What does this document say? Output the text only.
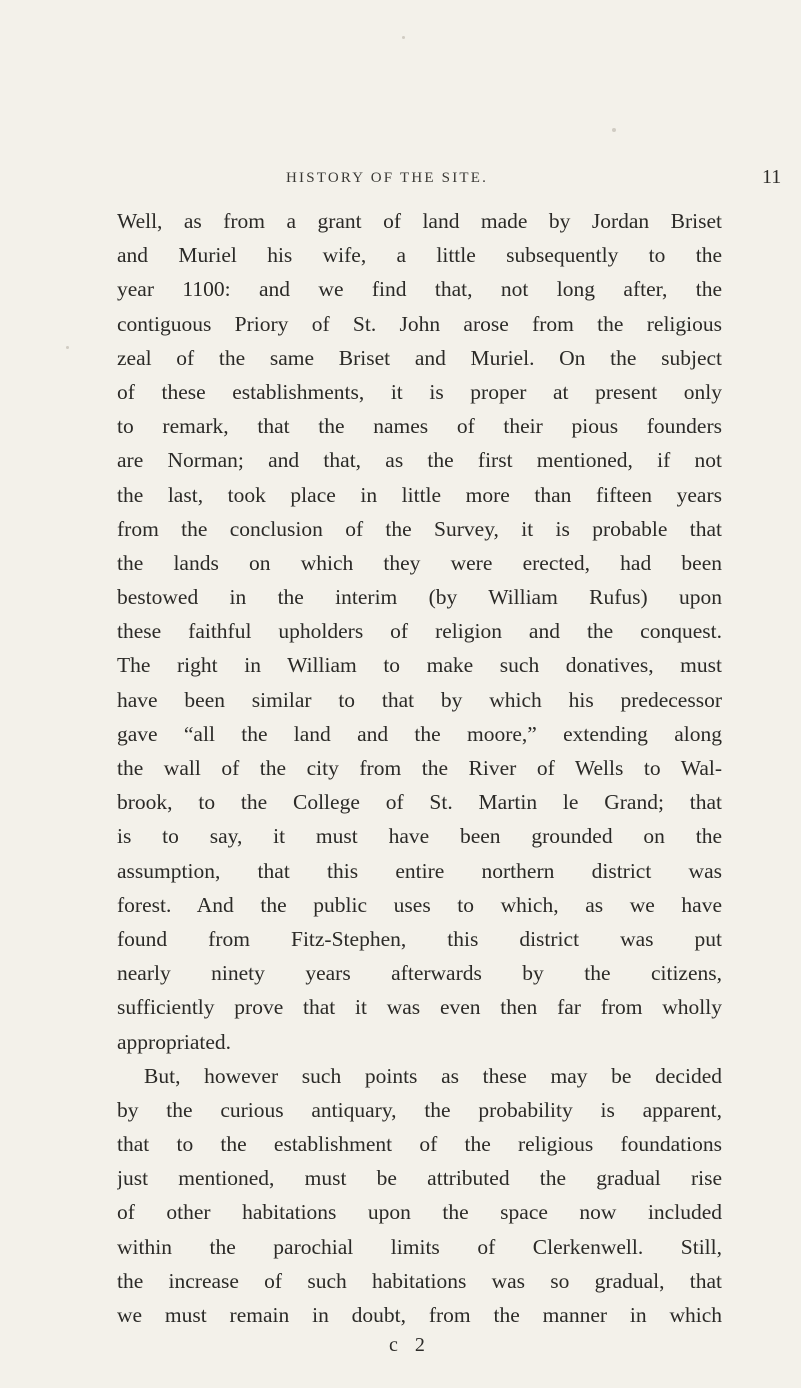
HISTORY OF THE SITE.	11
Well, as from a grant of land made by Jordan Briset
and Muriel his wife, a little subsequently to the
year 1100: and we find that, not long after, the
contiguous Priory of St. John arose from the religious
zeal of the same Briset and Muriel. On the subject
of these establishments, it is proper at present only
to remark, that the names of their pious founders
are Norman; and that, as the first mentioned, if not
the last, took place in little more than fifteen years
from the conclusion of the Survey, it is probable that
the lands on which they were erected, had been
bestowed in the interim (by William Rufus) upon
these faithful upholders of religion and the conquest.
The right in William to make such donatives, must
have been similar to that by which his predecessor
gave “all the land and the moore,” extending along
the wall of the city from the River of Wells to Wal-
brook, to the College of St. Martin le Grand; that
is to say, it must have been grounded on the
assumption, that this entire northern district was
forest. And the public uses to which, as we have
found from Fitz-Stephen, this district was put
nearly ninety years afterwards by the citizens,
sufficiently prove that it was even then far from wholly
appropriated.
But, however such points as these may be decided
by the curious antiquary, the probability is apparent,
that to the establishment of the religious foundations
just mentioned, must be attributed the gradual rise
of other habitations upon the space now included
within the parochial limits of Clerkenwell. Still,
the increase of such habitations was so gradual, that
we must remain in doubt, from the manner in which
c 2
